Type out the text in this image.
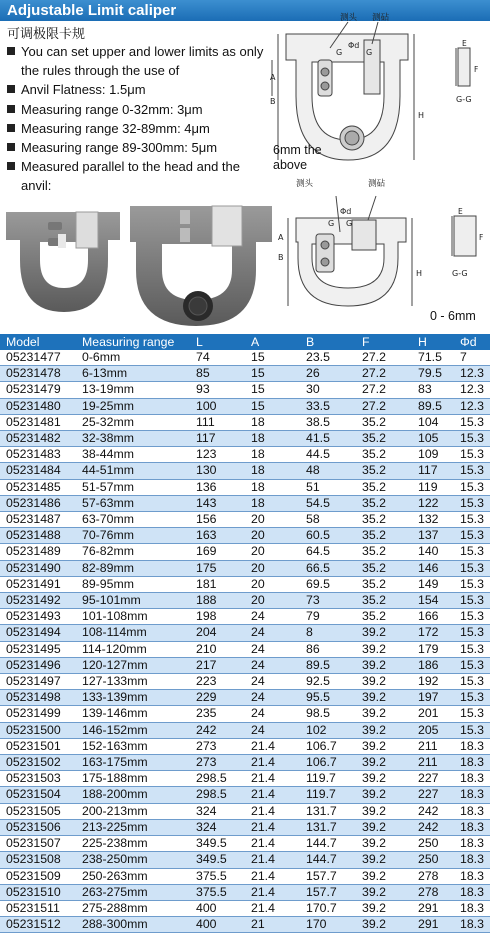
Adjustable Limit caliper
可调极限卡规
You can set upper and lower limits as only the rules through the use of
Anvil Flatness: 1.5μm
Measuring range 0-32mm: 3μm
Measuring range 32-89mm: 4μm
Measuring range 89-300mm: 5μm
Measured parallel to the head and the anvil:
测头 测砧
Φd
G	G
A
B
H
E
F
G-G
测头	测砧
Φd
G G
A
B
H
E
F
G-G
6mm the above
0 - 6mm
Model	Measuring range	L	A	B	F	H	Φd
05231477	0-6mm	74	15	23.5	27.2	71.5	7
05231478	6-13mm	85	15	26	27.2	79.5	12.3
05231479	13-19mm	93	15	30	27.2	83	12.3
05231480	19-25mm	100	15	33.5	27.2	89.5	12.3
05231481	25-32mm	111	18	38.5	35.2	104	15.3
05231482	32-38mm	117	18	41.5	35.2	105	15.3
05231483	38-44mm	123	18	44.5	35.2	109	15.3
05231484	44-51mm	130	18	48	35.2	117	15.3
05231485	51-57mm	136	18	51	35.2	119	15.3
05231486	57-63mm	143	18	54.5	35.2	122	15.3
05231487	63-70mm	156	20	58	35.2	132	15.3
05231488	70-76mm	163	20	60.5	35.2	137	15.3
05231489	76-82mm	169	20	64.5	35.2	140	15.3
05231490	82-89mm	175	20	66.5	35.2	146	15.3
05231491	89-95mm	181	20	69.5	35.2	149	15.3
05231492	95-101mm	188	20	73	35.2	154	15.3
05231493	101-108mm	198	24	79	35.2	166	15.3
05231494	108-114mm	204	24	8	39.2	172	15.3
05231495	114-120mm	210	24	86	39.2	179	15.3
05231496	120-127mm	217	24	89.5	39.2	186	15.3
05231497	127-133mm	223	24	92.5	39.2	192	15.3
05231498	133-139mm	229	24	95.5	39.2	197	15.3
05231499	139-146mm	235	24	98.5	39.2	201	15.3
05231500	146-152mm	242	24	102	39.2	205	15.3
05231501	152-163mm	273	21.4	106.7	39.2	211	18.3
05231502	163-175mm	273	21.4	106.7	39.2	211	18.3
05231503	175-188mm	298.5	21.4	119.7	39.2	227	18.3
05231504	188-200mm	298.5	21.4	119.7	39.2	227	18.3
05231505	200-213mm	324	21.4	131.7	39.2	242	18.3
05231506	213-225mm	324	21.4	131.7	39.2	242	18.3
05231507	225-238mm	349.5	21.4	144.7	39.2	250	18.3
05231508	238-250mm	349.5	21.4	144.7	39.2	250	18.3
05231509	250-263mm	375.5	21.4	157.7	39.2	278	18.3
05231510	263-275mm	375.5	21.4	157.7	39.2	278	18.3
05231511	275-288mm	400	21.4	170.7	39.2	291	18.3
05231512	288-300mm	400	21	170	39.2	291	18.3
